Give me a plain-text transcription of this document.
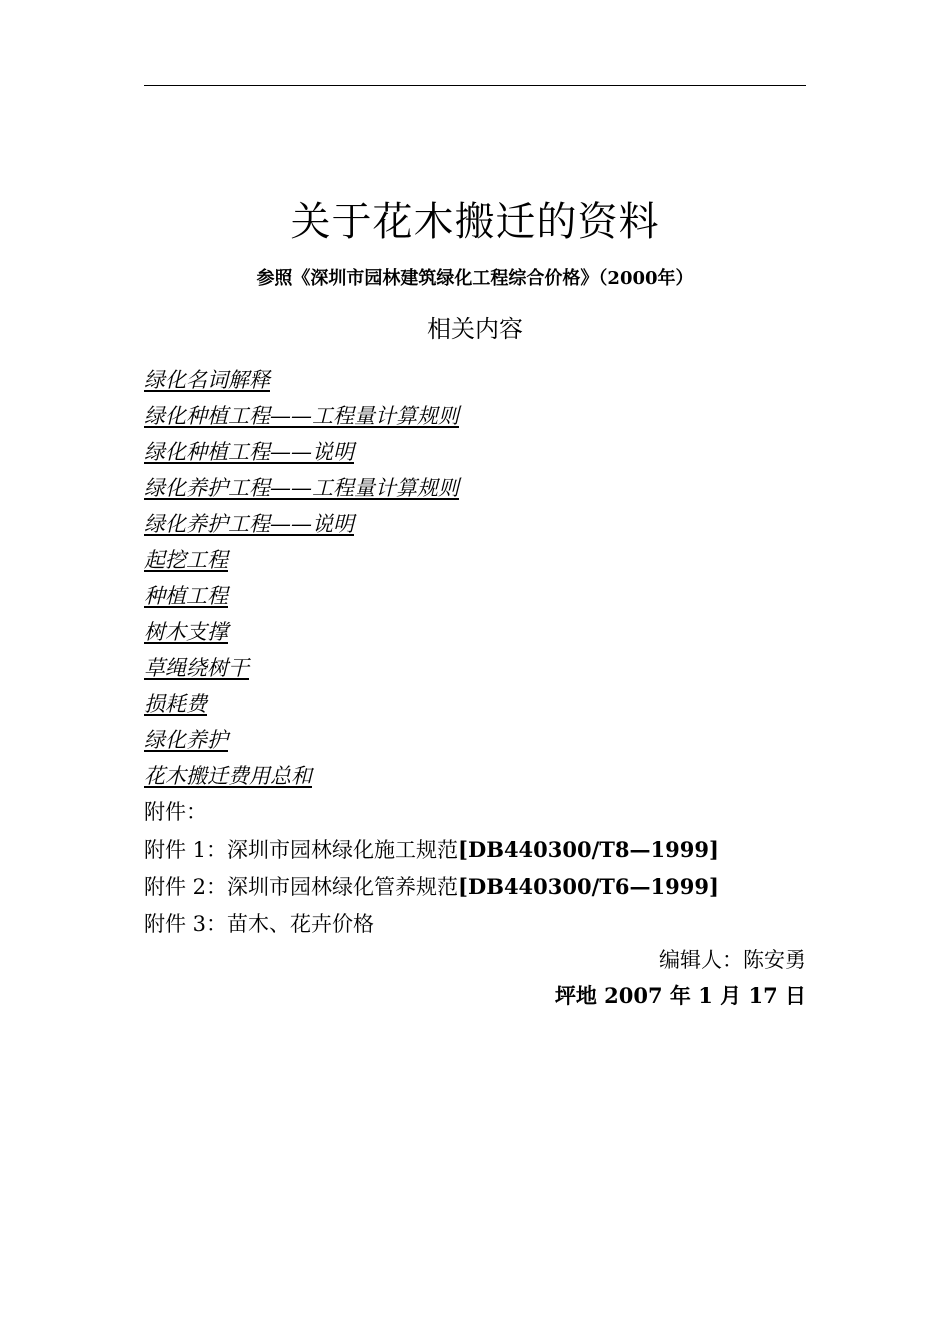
关于花木搬迁的资料
参照《深圳市园林建筑绿化工程综合价格》（2000年）
相关内容
绿化名词解释
绿化种植工程——工程量计算规则
绿化种植工程——说明
绿化养护工程——工程量计算规则
绿化养护工程——说明
起挖工程
种植工程
树木支撑
草绳绕树干
损耗费
绿化养护
花木搬迁费用总和
附件：
附件 1：深圳市园林绿化施工规范[DB440300/T8—1999]
附件 2：深圳市园林绿化管养规范[DB440300/T6—1999]
附件 3：苗木、花卉价格
编辑人：陈安勇
坪地 2007 年 1 月 17 日
